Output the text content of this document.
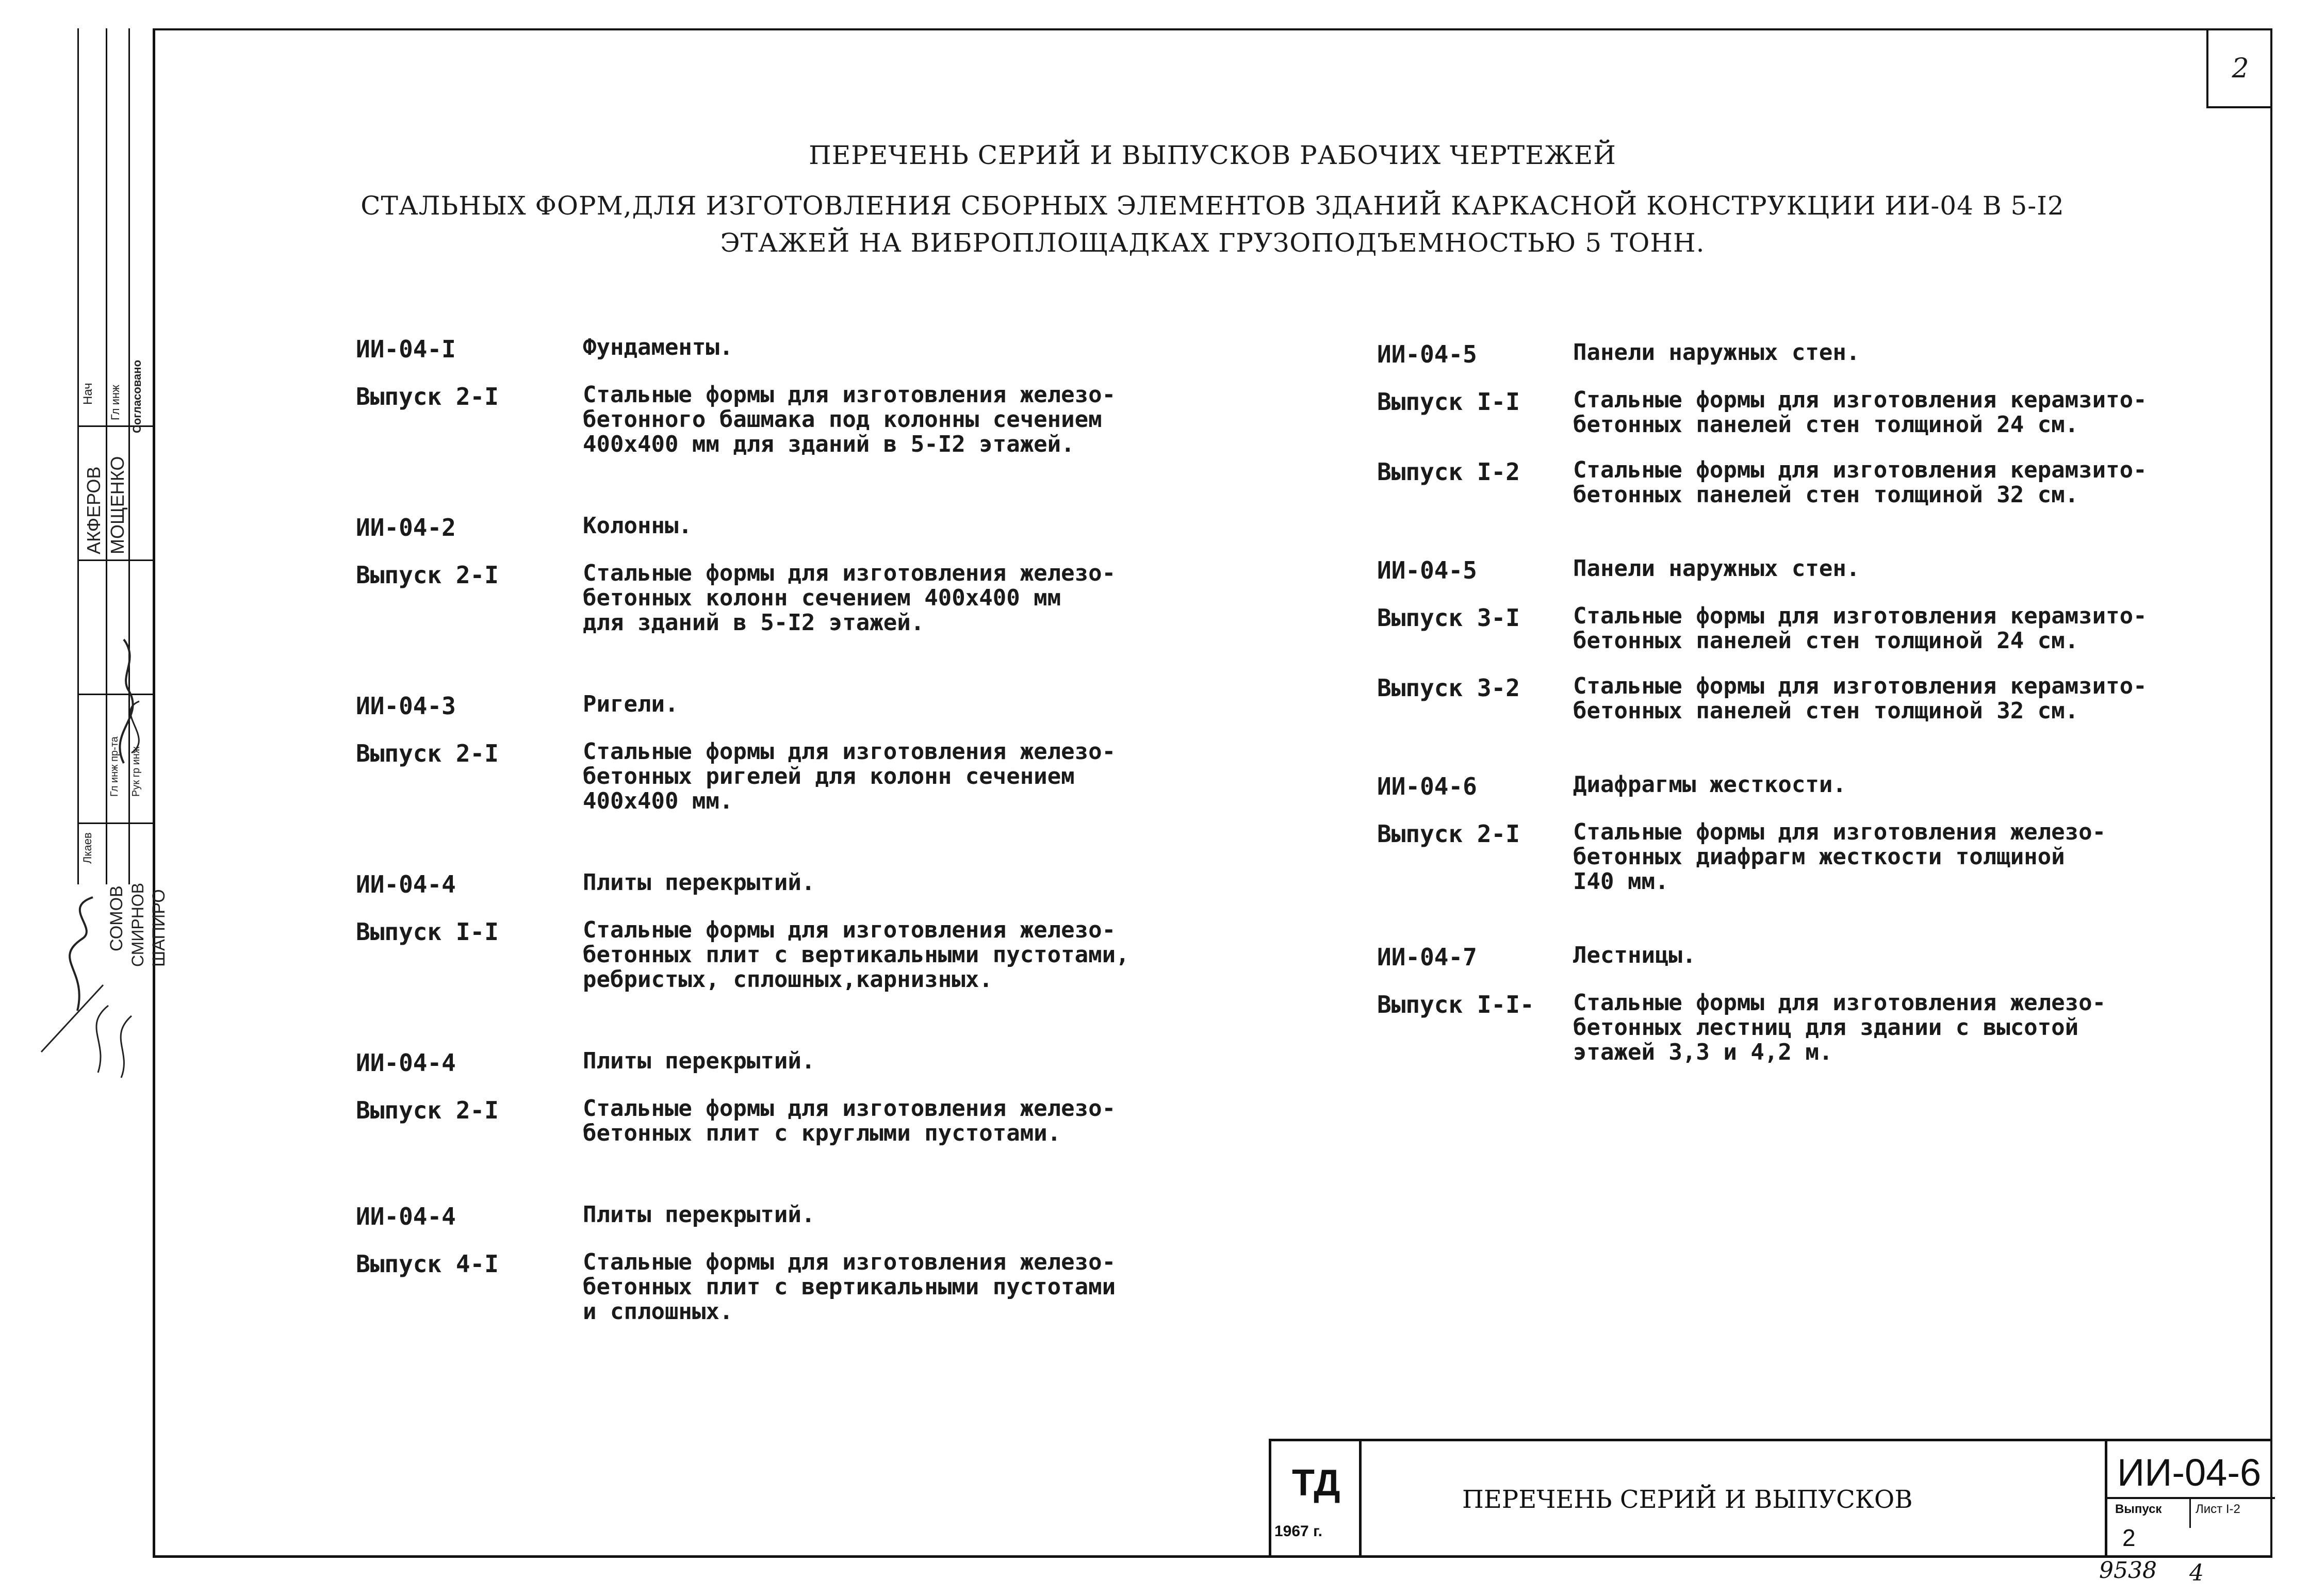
2
Нач Гл инж Согласовано
Гл инж пр-та Рук гр инж
Лкаев
АКФЕРОВ МОЩЕНКО
СОМОВ СМИРНОВ ШАПИРО
ПЕРЕЧЕНЬ СЕРИЙ И ВЫПУСКОВ РАБОЧИХ ЧЕРТЕЖЕЙ
СТАЛЬНЫХ ФОРМ,ДЛЯ ИЗГОТОВЛЕНИЯ СБОРНЫХ ЭЛЕМЕНТОВ ЗДАНИЙ КАРКАСНОЙ КОНСТРУКЦИИ ИИ-04 В 5-I2
ЭТАЖЕЙ НА ВИБРОПЛОЩАДКАХ ГРУЗОПОДЪЕМНОСТЬЮ 5 ТОНН.
ИИ-04-I	Фундаменты.
Выпуск 2-I	Стальные формы для изготовления железо-
бетонного башмака под колонны сечением
400х400 мм для зданий в 5-I2 этажей.
ИИ-04-2	Колонны.
Выпуск 2-I	Стальные формы для изготовления железо-
бетонных колонн сечением 400х400 мм
для зданий в 5-I2 этажей.
ИИ-04-3	Ригели.
Выпуск 2-I	Стальные формы для изготовления железо-
бетонных ригелей для колонн сечением
400х400 мм.
ИИ-04-4	Плиты перекрытий.
Выпуск I-I	Стальные формы для изготовления железо-
бетонных плит с вертикальными пустотами,
ребристых, сплошных,карнизных.
ИИ-04-4	Плиты перекрытий.
Выпуск 2-I	Стальные формы для изготовления железо-
бетонных плит с круглыми пустотами.
ИИ-04-4	Плиты перекрытий.
Выпуск 4-I	Стальные формы для изготовления железо-
бетонных плит с вертикальными пустотами
и сплошных.
ИИ-04-5	Панели наружных стен.
Выпуск I-I	Стальные формы для изготовления керамзито-
бетонных панелей стен толщиной 24 см.
Выпуск I-2	Стальные формы для изготовления керамзито-
бетонных панелей стен толщиной 32 см.
ИИ-04-5	Панели наружных стен.
Выпуск 3-I	Стальные формы для изготовления керамзито-
бетонных панелей стен толщиной 24 см.
Выпуск 3-2	Стальные формы для изготовления керамзито-
бетонных панелей стен толщиной 32 см.
ИИ-04-6	Диафрагмы жесткости.
Выпуск 2-I	Стальные формы для изготовления железо-
бетонных диафрагм жесткости толщиной
I40 мм.
ИИ-04-7	Лестницы.
Выпуск I-I-	Стальные формы для изготовления железо-
бетонных лестниц для здании с высотой
этажей 3,3 и 4,2 м.
ТД
1967 г.
ПЕРЕЧЕНЬ СЕРИЙ И ВЫПУСКОВ
ИИ-04-6
Выпуск	Лист I-2
2
9538 4
